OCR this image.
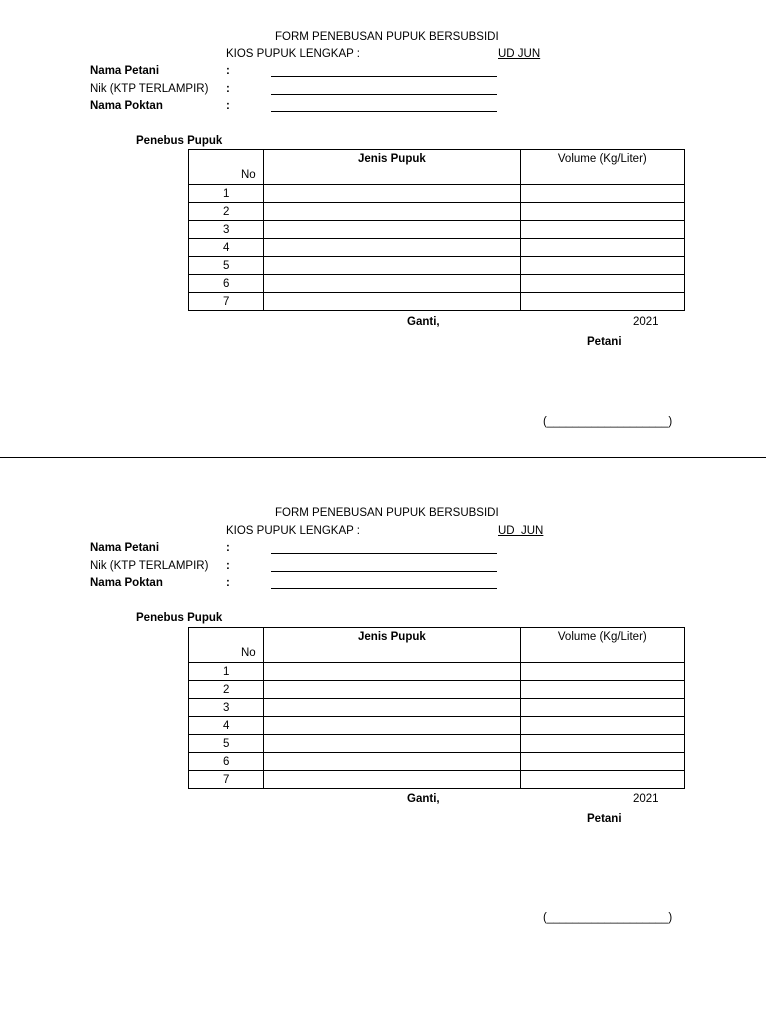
FORM PENEBUSAN PUPUK BERSUBSIDI
KIOS PUPUK LENGKAP :	UD JUN
Nama Petani	:
Nik (KTP TERLAMPIR) :
Nama Poktan	:
Penebus Pupuk
No	Jenis Pupuk	Volume (Kg/Liter)

1		

2		

3		

4		

5		

6		

7		

Ganti,	2021
Petani
(___________________)
FORM PENEBUSAN PUPUK BERSUBSIDI
KIOS PUPUK LENGKAP :	UD  JUN
Nama Petani	:
Nik (KTP TERLAMPIR) :
Nama Poktan	:
Penebus Pupuk
No	Jenis Pupuk	Volume (Kg/Liter)

1		

2		

3		

4		

5		

6		

7		

Ganti,	2021
Petani
(___________________)
